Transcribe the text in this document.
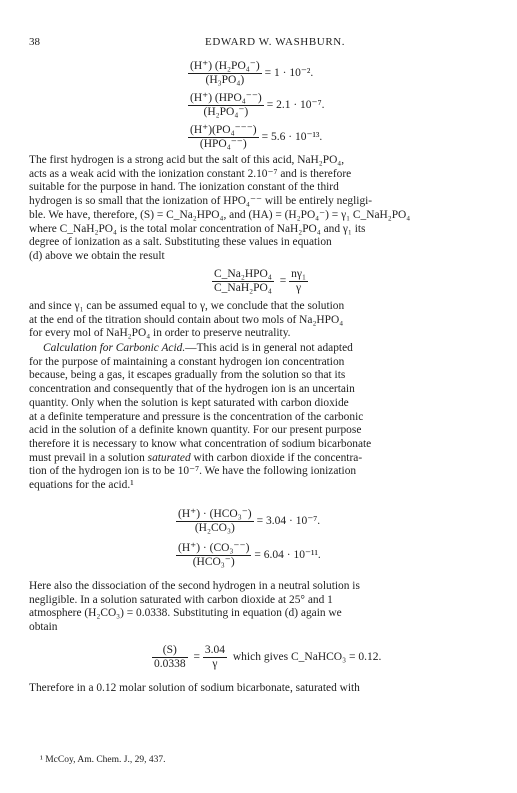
38	EDWARD W. WASHBURN.
$\frac{\text{(H⁺) (H₂PO₄⁻)}}{\text{(H₃PO₄)}} = 1 \cdot 10^{-2}$.
$\frac{\text{(H⁺) (HPO₄⁻⁻)}}{\text{(H₂PO₄⁻)}} = 2.1 \cdot 10^{-7}$.
$\frac{\text{(H⁺)(PO₄⁻⁻⁻)}}{\text{(HPO₄⁻⁻)}} = 5.6 \cdot 10^{-13}$.
The first hydrogen is a strong acid but the salt of this acid, NaH₂PO₄,
acts as a weak acid with the ionization constant 2.10⁻⁷ and is therefore
suitable for the purpose in hand. The ionization constant of the third
hydrogen is so small that the ionization of HPO₄⁻⁻ will be entirely negligi-
ble. We have, therefore, (S) = C_Na₂HPO₄, and (HA) = (H₂PO₄⁻) = γ₁ C_NaH₂PO₄
where C_NaH₂PO₄ is the total molar concentration of NaH₂PO₄ and γ₁ its
degree of ionization as a salt. Substituting these values in equation
(d) above we obtain the result
$\frac{\text{C\_Na₂HPO₄}}{\text{C\_NaH₂PO₄}} = \frac{\text{nγ₁}}{\gamma}$
and since γ₁ can be assumed equal to γ, we conclude that the solution
at the end of the titration should contain about two mols of Na₂HPO₄
for every mol of NaH₂PO₄ in order to preserve neutrality.
Calculation for Carbonic Acid.—This acid is in general not adapted
for the purpose of maintaining a constant hydrogen ion concentration
because, being a gas, it escapes gradually from the solution so that its
concentration and consequently that of the hydrogen ion is an uncertain
quantity. Only when the solution is kept saturated with carbon dioxide
at a definite temperature and pressure is the concentration of the carbonic
acid in the solution of a definite known quantity. For our present purpose
therefore it is necessary to know what concentration of sodium bicarbonate
must prevail in a solution saturated with carbon dioxide if the concentra-
tion of the hydrogen ion is to be 10⁻⁷. We have the following ionization
equations for the acid.¹
$\frac{\text{(H⁺) · (HCO₃⁻)}}{\text{(H₂CO₃)}} = 3.04 \cdot 10^{-7}$.
$\frac{\text{(H⁺) · (CO₃⁻⁻)}}{\text{(HCO₃⁻)}} = 6.04 \cdot 10^{-11}$.
Here also the dissociation of the second hydrogen in a neutral solution is
negligible. In a solution saturated with carbon dioxide at 25° and 1
atmosphere (H₂CO₃) = 0.0338. Substituting in equation (d) again we
obtain
$\frac{(S)}{0.0338} = \frac{3.04}{\gamma}$ which gives C_NaHCO₃ = 0.12.
Therefore in a 0.12 molar solution of sodium bicarbonate, saturated with
¹ McCoy, Am. Chem. J., 29, 437.
